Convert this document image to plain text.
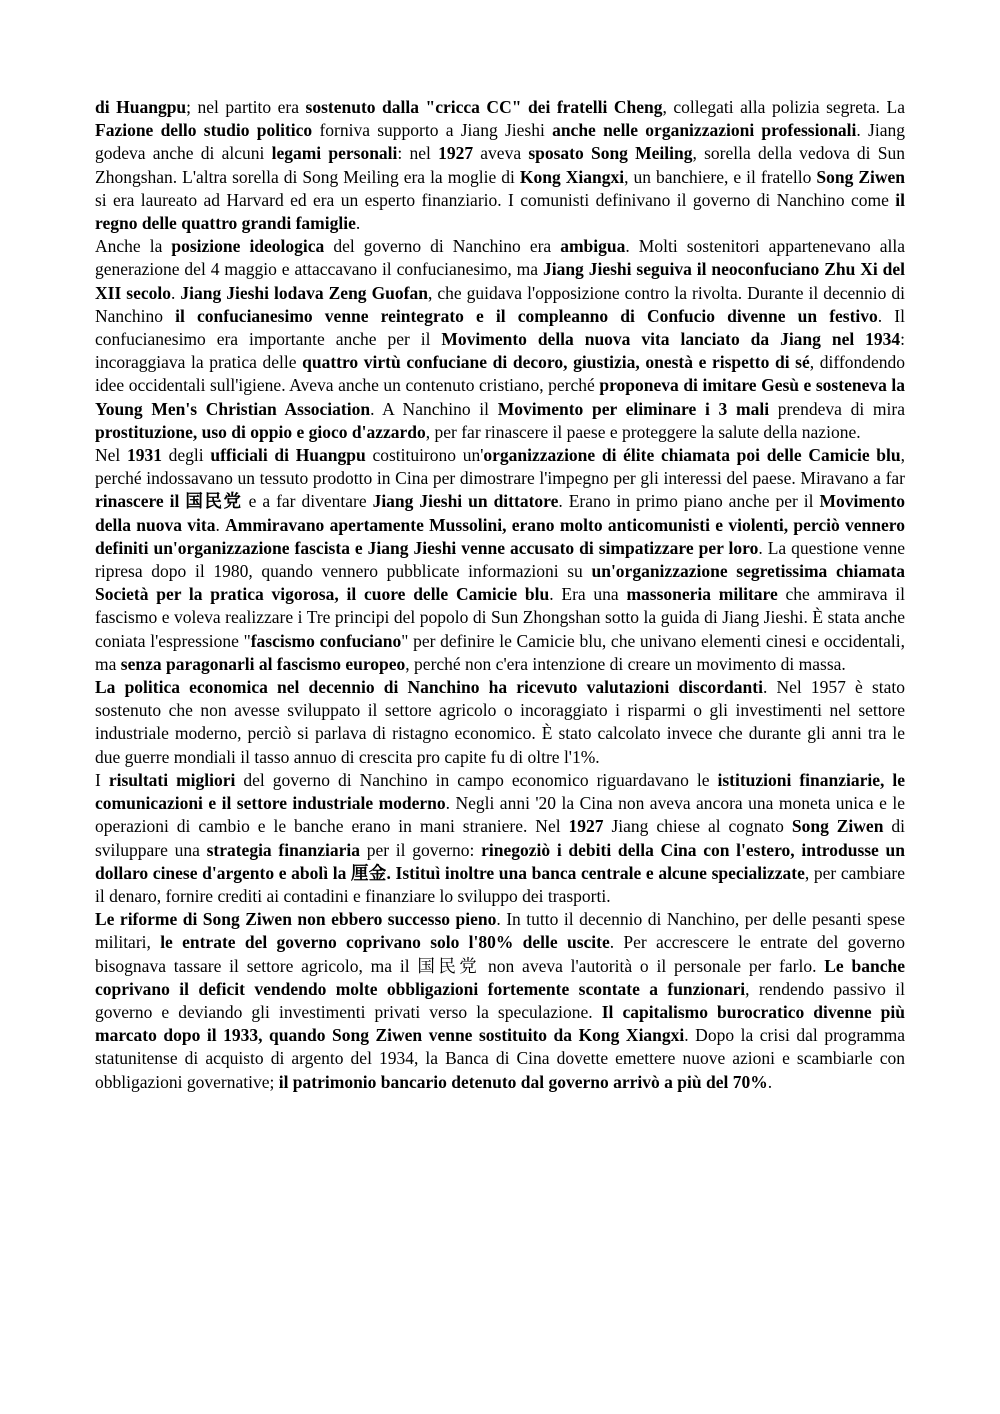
di Huangpu; nel partito era sostenuto dalla "cricca CC" dei fratelli Cheng, collegati alla polizia segreta. La Fazione dello studio politico forniva supporto a Jiang Jieshi anche nelle organizzazioni professionali. Jiang godeva anche di alcuni legami personali: nel 1927 aveva sposato Song Meiling, sorella della vedova di Sun Zhongshan. L'altra sorella di Song Meiling era la moglie di Kong Xiangxi, un banchiere, e il fratello Song Ziwen si era laureato ad Harvard ed era un esperto finanziario. I comunisti definivano il governo di Nanchino come il regno delle quattro grandi famiglie.

Anche la posizione ideologica del governo di Nanchino era ambigua. Molti sostenitori appartenevano alla generazione del 4 maggio e attaccavano il confucianesimo, ma Jiang Jieshi seguiva il neoconfuciano Zhu Xi del XII secolo. Jiang Jieshi lodava Zeng Guofan, che guidava l'opposizione contro la rivolta. Durante il decennio di Nanchino il confucianesimo venne reintegrato e il compleanno di Confucio divenne un festivo. Il confucianesimo era importante anche per il Movimento della nuova vita lanciato da Jiang nel 1934: incoraggiava la pratica delle quattro virtù confuciane di decoro, giustizia, onestà e rispetto di sé, diffondendo idee occidentali sull'igiene. Aveva anche un contenuto cristiano, perché proponeva di imitare Gesù e sosteneva la Young Men's Christian Association. A Nanchino il Movimento per eliminare i 3 mali prendeva di mira prostituzione, uso di oppio e gioco d'azzardo, per far rinascere il paese e proteggere la salute della nazione.

Nel 1931 degli ufficiali di Huangpu costituirono un'organizzazione di élite chiamata poi delle Camicie blu, perché indossavano un tessuto prodotto in Cina per dimostrare l'impegno per gli interessi del paese. Miravano a far rinascere il 国民党 e a far diventare Jiang Jieshi un dittatore. Erano in primo piano anche per il Movimento della nuova vita. Ammiravano apertamente Mussolini, erano molto anticomunisti e violenti, perciò vennero definiti un'organizzazione fascista e Jiang Jieshi venne accusato di simpatizzare per loro. La questione venne ripresa dopo il 1980, quando vennero pubblicate informazioni su un'organizzazione segretissima chiamata Società per la pratica vigorosa, il cuore delle Camicie blu. Era una massoneria militare che ammirava il fascismo e voleva realizzare i Tre principi del popolo di Sun Zhongshan sotto la guida di Jiang Jieshi. È stata anche coniata l'espressione "fascismo confuciano" per definire le Camicie blu, che univano elementi cinesi e occidentali, ma senza paragonarli al fascismo europeo, perché non c'era intenzione di creare un movimento di massa.

La politica economica nel decennio di Nanchino ha ricevuto valutazioni discordanti. Nel 1957 è stato sostenuto che non avesse sviluppato il settore agricolo o incoraggiato i risparmi o gli investimenti nel settore industriale moderno, perciò si parlava di ristagno economico. È stato calcolato invece che durante gli anni tra le due guerre mondiali il tasso annuo di crescita pro capite fu di oltre l'1%.

I risultati migliori del governo di Nanchino in campo economico riguardavano le istituzioni finanziarie, le comunicazioni e il settore industriale moderno. Negli anni '20 la Cina non aveva ancora una moneta unica e le operazioni di cambio e le banche erano in mani straniere. Nel 1927 Jiang chiese al cognato Song Ziwen di sviluppare una strategia finanziaria per il governo: rinegoziò i debiti della Cina con l'estero, introdusse un dollaro cinese d'argento e abolì la 厘金. Istituì inoltre una banca centrale e alcune specializzate, per cambiare il denaro, fornire crediti ai contadini e finanziare lo sviluppo dei trasporti.

Le riforme di Song Ziwen non ebbero successo pieno. In tutto il decennio di Nanchino, per delle pesanti spese militari, le entrate del governo coprivano solo l'80% delle uscite. Per accrescere le entrate del governo bisognava tassare il settore agricolo, ma il 国民党 non aveva l'autorità o il personale per farlo. Le banche coprivano il deficit vendendo molte obbligazioni fortemente scontate a funzionari, rendendo passivo il governo e deviando gli investimenti privati verso la speculazione. Il capitalismo burocratico divenne più marcato dopo il 1933, quando Song Ziwen venne sostituito da Kong Xiangxi. Dopo la crisi dal programma statunitense di acquisto di argento del 1934, la Banca di Cina dovette emettere nuove azioni e scambiarle con obbligazioni governative; il patrimonio bancario detenuto dal governo arrivò a più del 70%.
